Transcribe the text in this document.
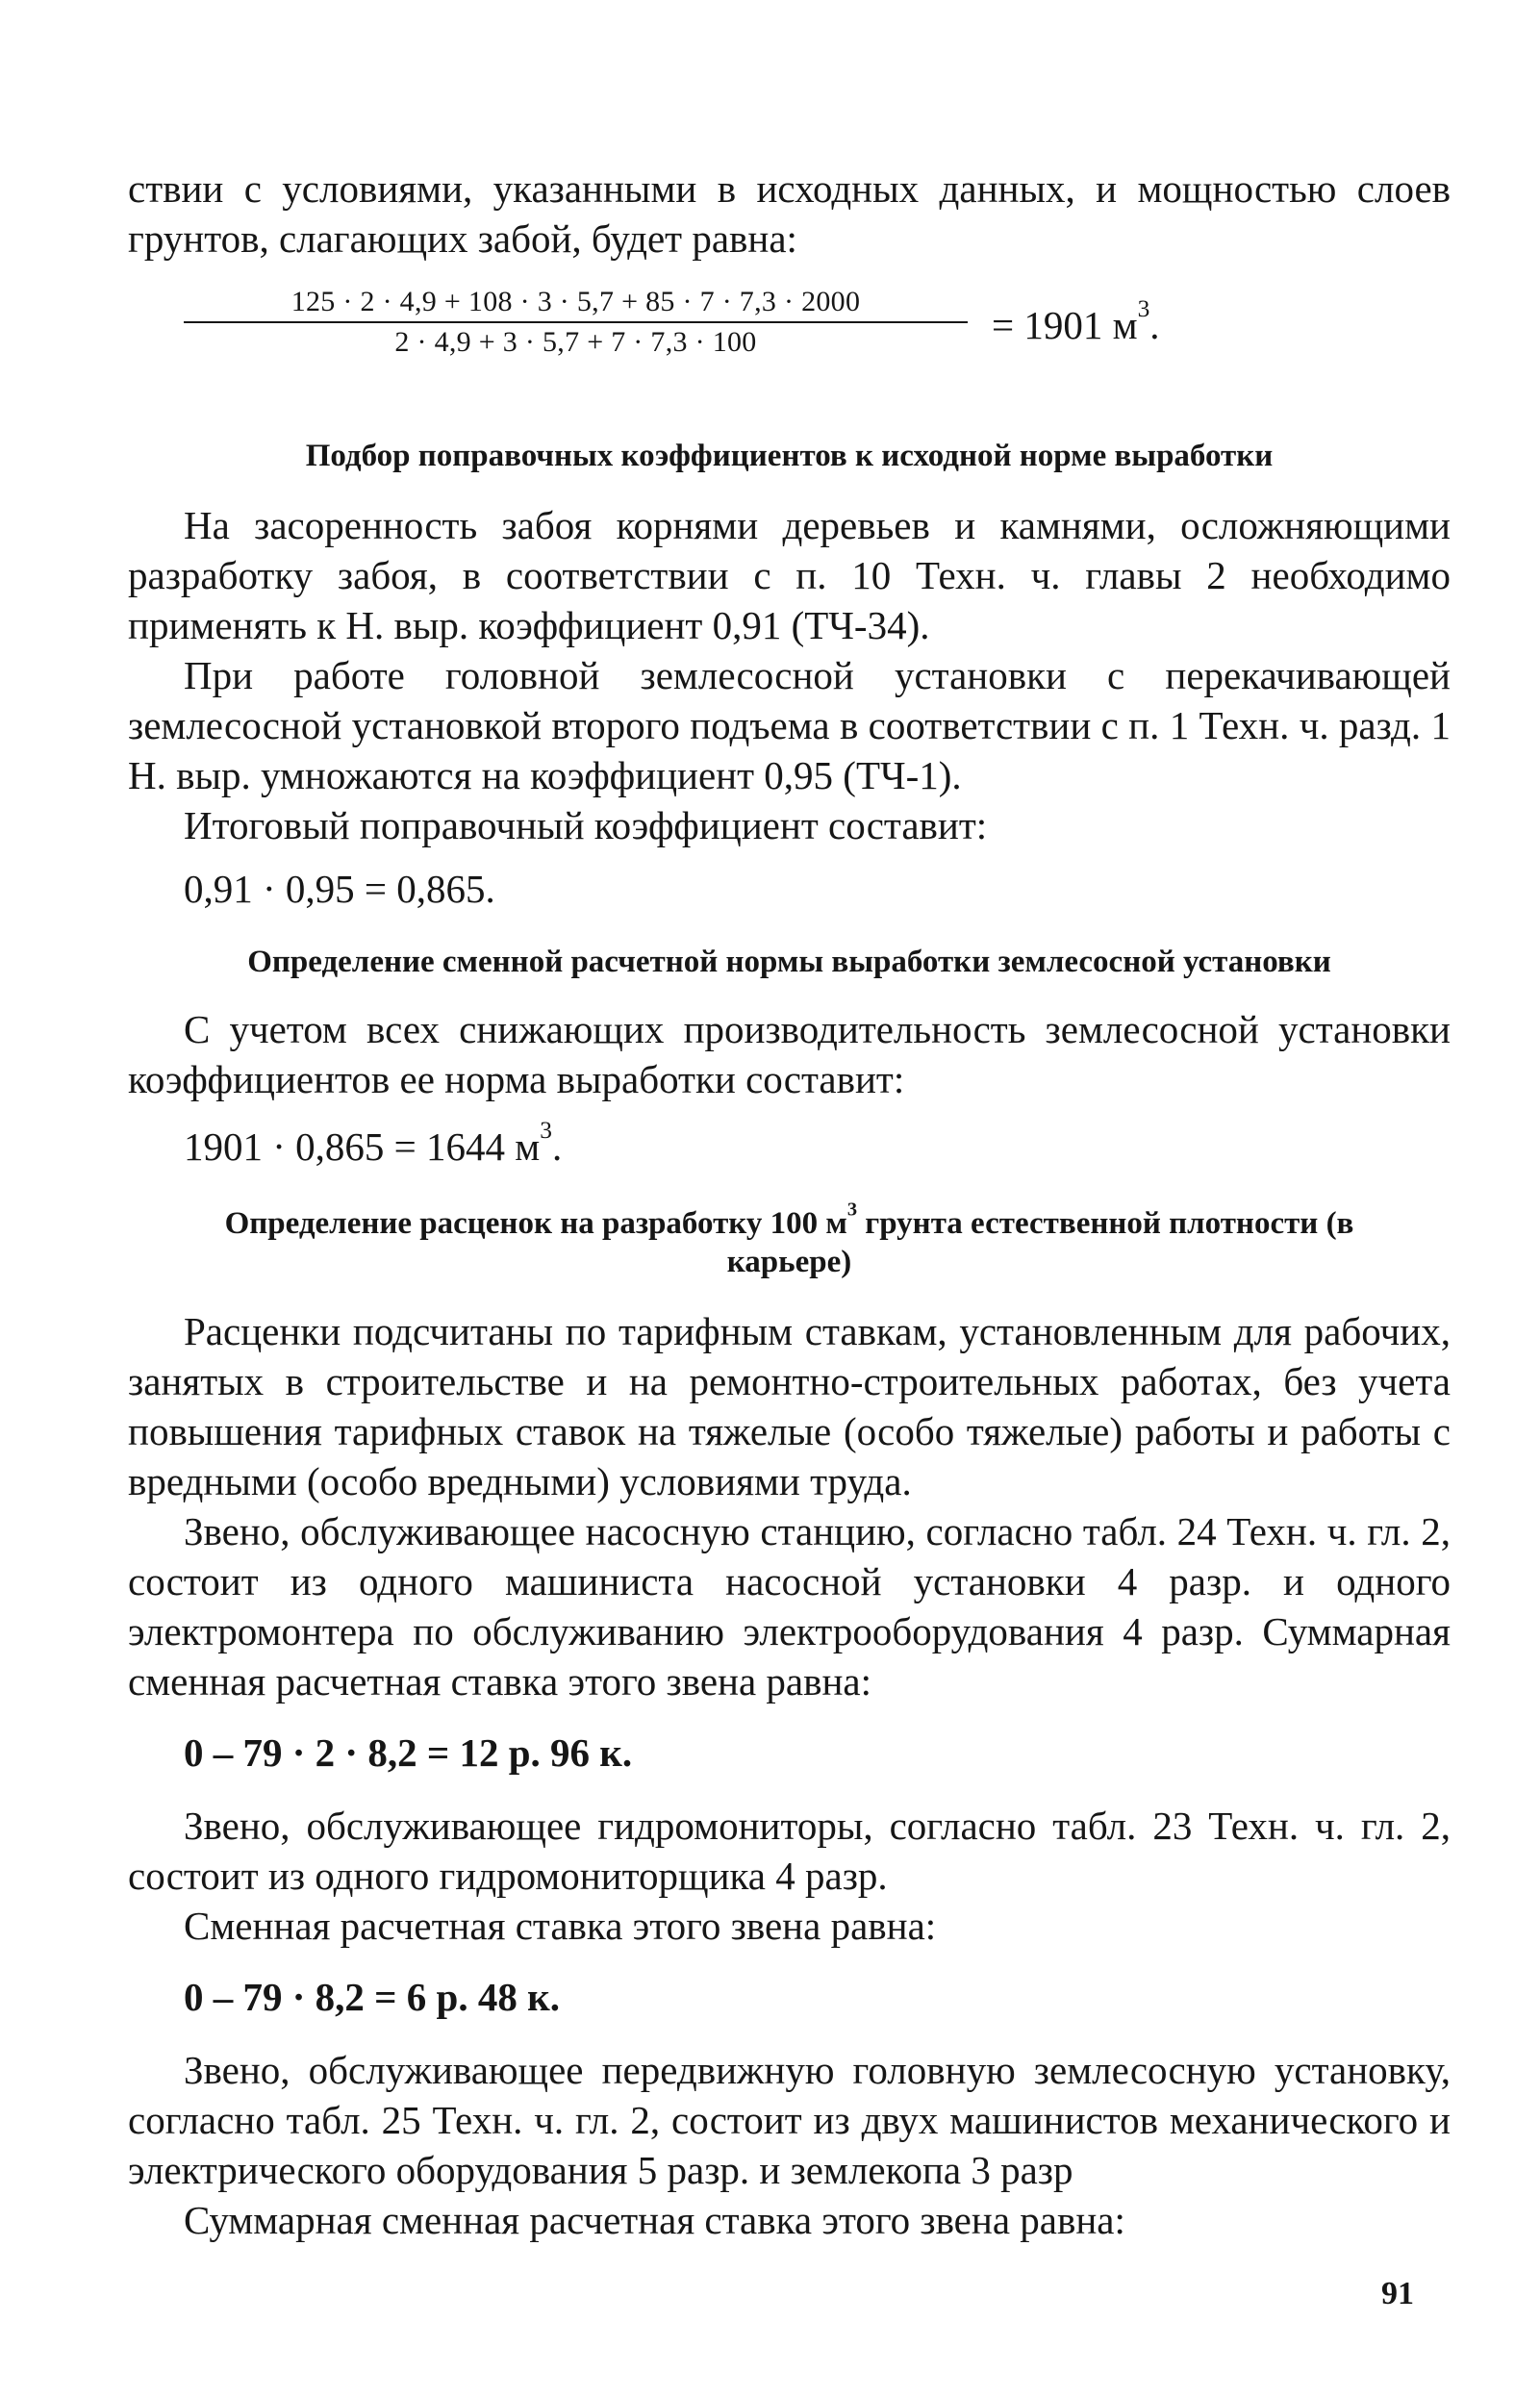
ствии с условиями, указанными в исходных данных, и мощностью слоев грунтов, слагающих забой, будет равна:

125 · 2 · 4,9 + 108 · 3 · 5,7 + 85 · 7 · 7,3 · 2000
2 · 4,9 + 3 · 5,7 + 7 · 7,3 · 100	= 1901 $м^3$.
Подбор поправочных коэффициентов к исходной норме выработки

На засоренность забоя корнями деревьев и камнями, осложняющими разработку забоя, в соответствии с п. 10 Техн. ч. главы 2 необходимо применять к Н. выр. коэффициент 0,91 (ТЧ-34).

При работе головной землесосной установки с перекачивающей землесосной установкой второго подъема в соответствии с п. 1 Техн. ч. разд. 1 Н. выр. умножаются на коэффициент 0,95 (ТЧ-1).

Итоговый поправочный коэффициент составит:

0,91 · 0,95 = 0,865.

Определение сменной расчетной нормы выработки землесосной установки

С учетом всех снижающих производительность землесосной установки коэффициентов ее норма выработки составит:

1901 · 0,865 = 1644 $м^3$.

Определение расценок на разработку 100 $м^3$ грунта естественной плотности (в карьере)

Расценки подсчитаны по тарифным ставкам, установленным для рабочих, занятых в строительстве и на ремонтно-строительных работах, без учета повышения тарифных ставок на тяжелые (особо тяжелые) работы и работы с вредными (особо вредными) условиями труда.

Звено, обслуживающее насосную станцию, согласно табл. 24 Техн. ч. гл. 2, состоит из одного машиниста насосной установки 4 разр. и одного электромонтера по обслуживанию электрооборудования 4 разр. Суммарная сменная расчетная ставка этого звена равна:

0 – 79 · 2 · 8,2 = 12 р. 96 к.

Звено, обслуживающее гидромониторы, согласно табл. 23 Техн. ч. гл. 2, состоит из одного гидромониторщика 4 разр.

Сменная расчетная ставка этого звена равна:

0 – 79 · 8,2 = 6 р. 48 к.

Звено, обслуживающее передвижную головную землесосную установку, согласно табл. 25 Техн. ч. гл. 2, состоит из двух машинистов механического и электрического оборудования 5 разр. и землекопа 3 разр

Суммарная сменная расчетная ставка этого звена равна:

91
